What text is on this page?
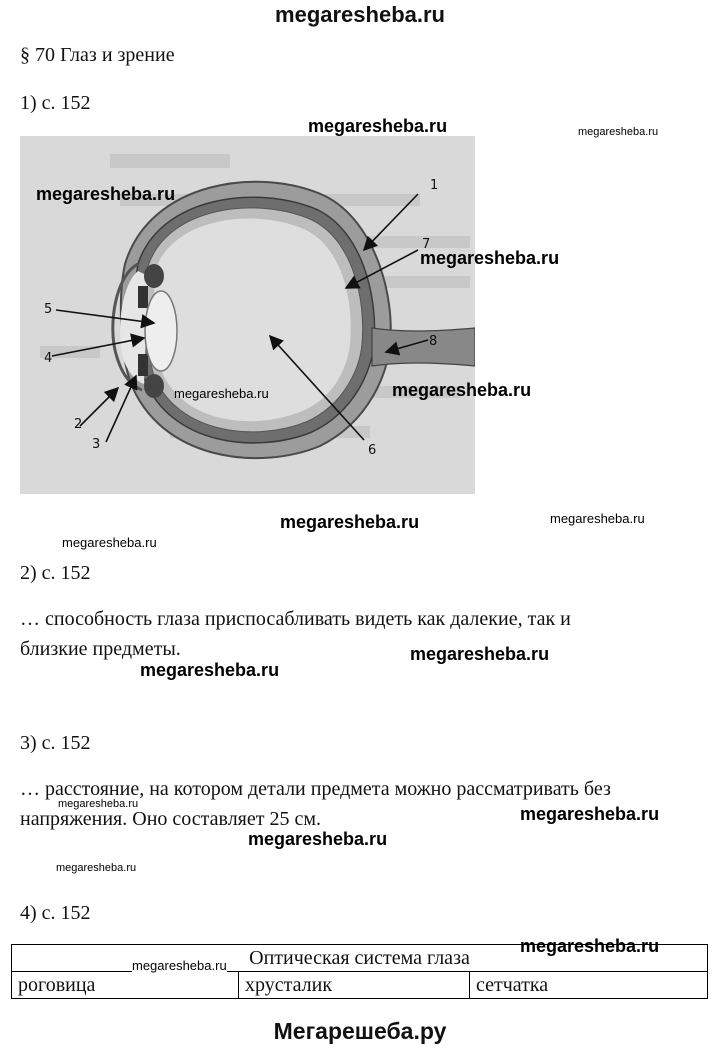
megaresheba.ru
§ 70 Глаз и зрение
1) с. 152
1
2
3
4
5
6
7
8
2) с. 152
… способность глаза приспосабливать видеть как далекие, так и
близкие предметы.
3) с. 152
… расстояние, на котором детали предмета можно рассматривать без
напряжения. Оно составляет 25 см.
4) с. 152
Оптическая система глаза
роговица	хрусталик	сетчатка
megaresheba.ru	megaresheba.ru
megaresheba.ru
megaresheba.ru
megaresheba.ru	megaresheba.ru
megaresheba.ru	megaresheba.ru
megaresheba.ru
megaresheba.ru
megaresheba.ru
megaresheba.ru	megaresheba.ru
megaresheba.ru
megaresheba.ru
megaresheba.ru
megaresheba.ru
Мегарешеба.ру
